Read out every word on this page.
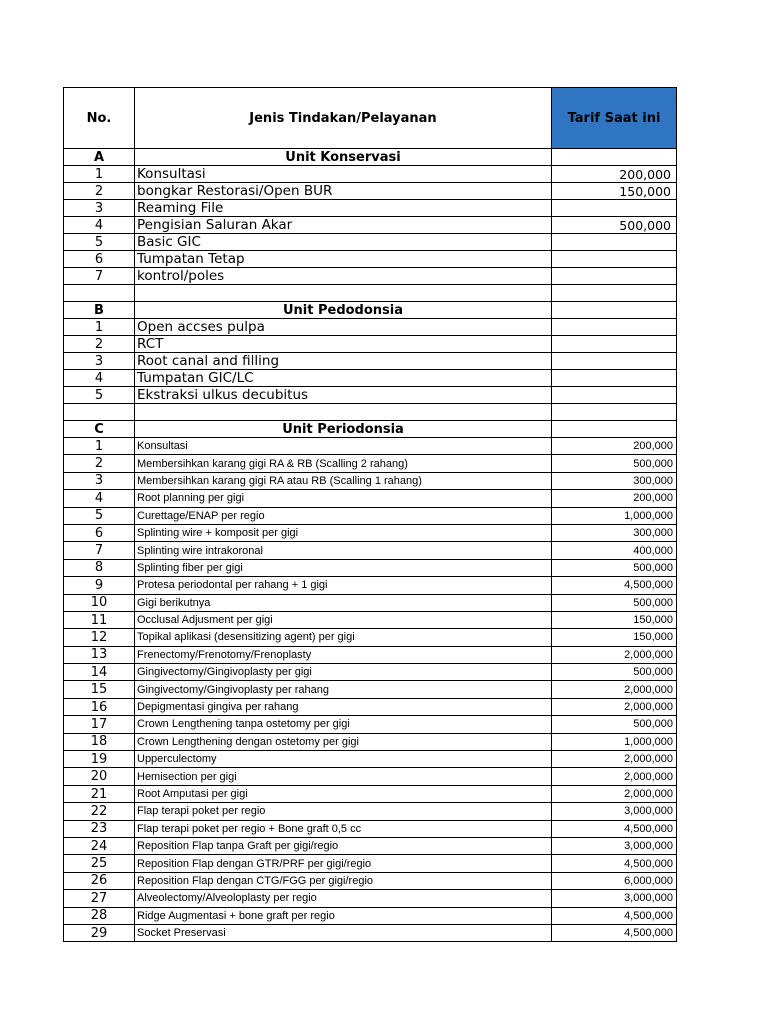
No.	Jenis Tindakan/Pelayanan	Tarif Saat ini
A	Unit Konservasi	
1	Konsultasi	200,000
2	bongkar Restorasi/Open BUR	150,000
3	Reaming File	
4	Pengisian Saluran Akar	500,000
5	Basic GIC	
6	Tumpatan Tetap	
7	kontrol/poles	

B	Unit Pedodonsia	
1	Open accses pulpa	
2	RCT	
3	Root canal and filling	
4	Tumpatan GIC/LC	
5	Ekstraksi ulkus decubitus	

C	Unit Periodonsia	
1	Konsultasi	200,000
2	Membersihkan karang gigi RA & RB (Scalling 2 rahang)	500,000
3	Membersihkan karang gigi RA atau RB (Scalling 1 rahang)	300,000
4	Root planning per gigi	200,000
5	Curettage/ENAP per regio	1,000,000
6	Splinting wire + komposit per gigi	300,000
7	Splinting wire intrakoronal	400,000
8	Splinting fiber per gigi	500,000
9	Protesa periodontal per rahang + 1 gigi	4,500,000
10	Gigi berikutnya	500,000
11	Occlusal Adjusment per gigi	150,000
12	Topikal aplikasi (desensitizing agent) per gigi	150,000
13	Frenectomy/Frenotomy/Frenoplasty	2,000,000
14	Gingivectomy/Gingivoplasty per gigi	500,000
15	Gingivectomy/Gingivoplasty per rahang	2,000,000
16	Depigmentasi gingiva per rahang	2,000,000
17	Crown Lengthening tanpa ostetomy per gigi	500,000
18	Crown Lengthening dengan ostetomy per gigi	1,000,000
19	Upperculectomy	2,000,000
20	Hemisection per gigi	2,000,000
21	Root Amputasi per gigi	2,000,000
22	Flap terapi poket per regio	3,000,000
23	Flap terapi poket per regio + Bone graft 0,5 cc	4,500,000
24	Reposition Flap tanpa Graft per gigi/regio	3,000,000
25	Reposition Flap dengan GTR/PRF per gigi/regio	4,500,000
26	Reposition Flap dengan CTG/FGG per gigi/regio	6,000,000
27	Alveolectomy/Alveoloplasty per regio	3,000,000
28	Ridge Augmentasi + bone graft per regio	4,500,000
29	Socket Preservasi	4,500,000
